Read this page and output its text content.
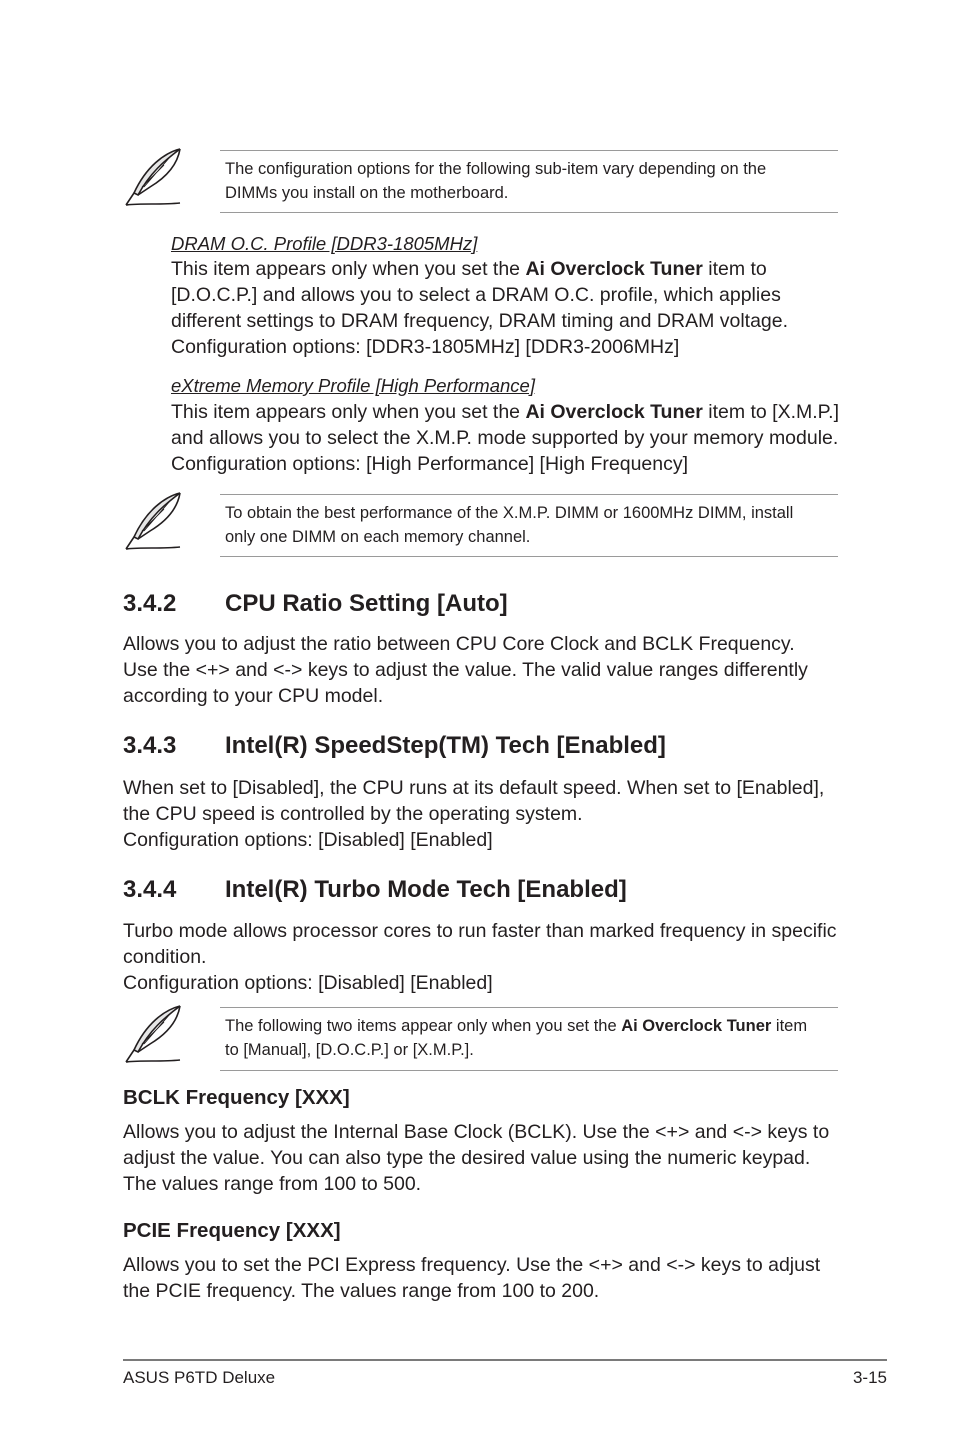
The configuration options for the following sub-item vary depending on the
DIMMs you install on the motherboard.
DRAM O.C. Profile [DDR3-1805MHz]
This item appears only when you set the Ai Overclock Tuner item to
[D.O.C.P.] and allows you to select a DRAM O.C. profile, which applies
different settings to DRAM frequency, DRAM timing and DRAM voltage.
Configuration options: [DDR3-1805MHz] [DDR3-2006MHz]
eXtreme Memory Profile [High Performance]
This item appears only when you set the Ai Overclock Tuner item to [X.M.P.]
and allows you to select the X.M.P. mode supported by your memory module.
Configuration options: [High Performance] [High Frequency]
To obtain the best performance of the X.M.P. DIMM or 1600MHz DIMM, install
only one DIMM on each memory channel.
3.4.2 CPU Ratio Setting [Auto]
Allows you to adjust the ratio between CPU Core Clock and BCLK Frequency.
Use the <+> and <-> keys to adjust the value. The valid value ranges differently
according to your CPU model.
3.4.3 Intel(R) SpeedStep(TM) Tech [Enabled]
When set to [Disabled], the CPU runs at its default speed. When set to [Enabled],
the CPU speed is controlled by the operating system.
Configuration options: [Disabled] [Enabled]
3.4.4 Intel(R) Turbo Mode Tech [Enabled]
Turbo mode allows processor cores to run faster than marked frequency in specific
condition.
Configuration options: [Disabled] [Enabled]
The following two items appear only when you set the Ai Overclock Tuner item
to [Manual], [D.O.C.P.] or [X.M.P.].
BCLK Frequency [XXX]
Allows you to adjust the Internal Base Clock (BCLK). Use the <+> and <-> keys to
adjust the value. You can also type the desired value using the numeric keypad.
The values range from 100 to 500.
PCIE Frequency [XXX]
Allows you to set the PCI Express frequency. Use the <+> and <-> keys to adjust
the PCIE frequency. The values range from 100 to 200.
ASUS P6TD Deluxe	3-15
